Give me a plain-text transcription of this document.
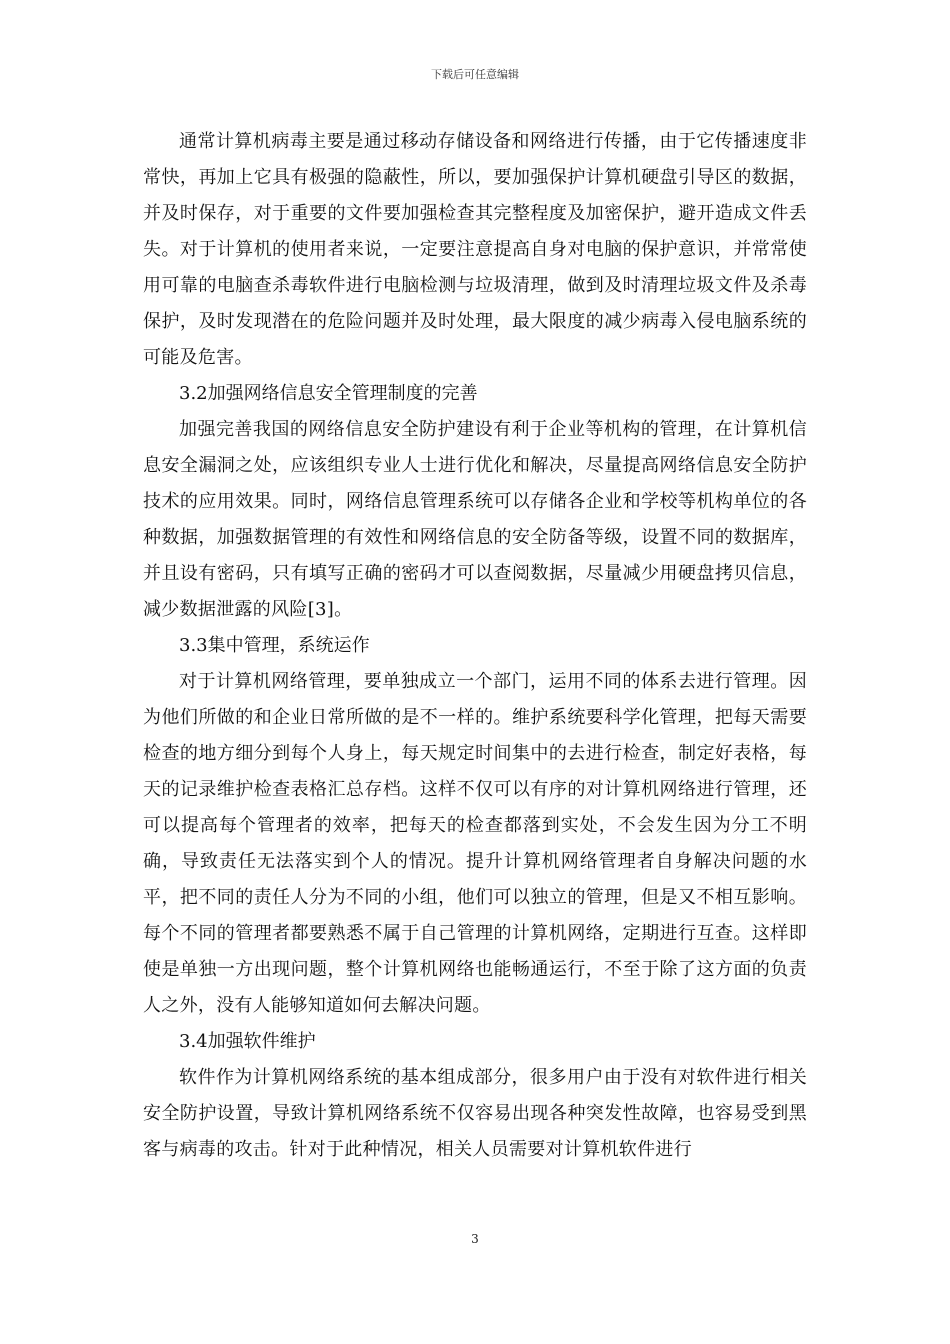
下载后可任意编辑

通常计算机病毒主要是通过移动存储设备和网络进行传播，由于它传播速度非常快，再加上它具有极强的隐蔽性，所以，要加强保护计算机硬盘引导区的数据，并及时保存，对于重要的文件要加强检查其完整程度及加密保护，避开造成文件丢失。对于计算机的使用者来说，一定要注意提高自身对电脑的保护意识，并常常使用可靠的电脑查杀毒软件进行电脑检测与垃圾清理，做到及时清理垃圾文件及杀毒保护，及时发现潜在的危险问题并及时处理，最大限度的减少病毒入侵电脑系统的可能及危害。

3.2加强网络信息安全管理制度的完善

加强完善我国的网络信息安全防护建设有利于企业等机构的管理，在计算机信息安全漏洞之处，应该组织专业人士进行优化和解决，尽量提高网络信息安全防护技术的应用效果。同时，网络信息管理系统可以存储各企业和学校等机构单位的各种数据，加强数据管理的有效性和网络信息的安全防备等级，设置不同的数据库，并且设有密码，只有填写正确的密码才可以查阅数据，尽量减少用硬盘拷贝信息，减少数据泄露的风险[3]。

3.3集中管理，系统运作

对于计算机网络管理，要单独成立一个部门，运用不同的体系去进行管理。因为他们所做的和企业日常所做的是不一样的。维护系统要科学化管理，把每天需要检查的地方细分到每个人身上，每天规定时间集中的去进行检查，制定好表格，每天的记录维护检查表格汇总存档。这样不仅可以有序的对计算机网络进行管理，还可以提高每个管理者的效率，把每天的检查都落到实处，不会发生因为分工不明确，导致责任无法落实到个人的情况。提升计算机网络管理者自身解决问题的水平，把不同的责任人分为不同的小组，他们可以独立的管理，但是又不相互影响。每个不同的管理者都要熟悉不属于自己管理的计算机网络，定期进行互查。这样即使是单独一方出现问题，整个计算机网络也能畅通运行，不至于除了这方面的负责人之外，没有人能够知道如何去解决问题。

3.4加强软件维护

软件作为计算机网络系统的基本组成部分，很多用户由于没有对软件进行相关安全防护设置，导致计算机网络系统不仅容易出现各种突发性故障，也容易受到黑客与病毒的攻击。针对于此种情况，相关人员需要对计算机软件进行

3
